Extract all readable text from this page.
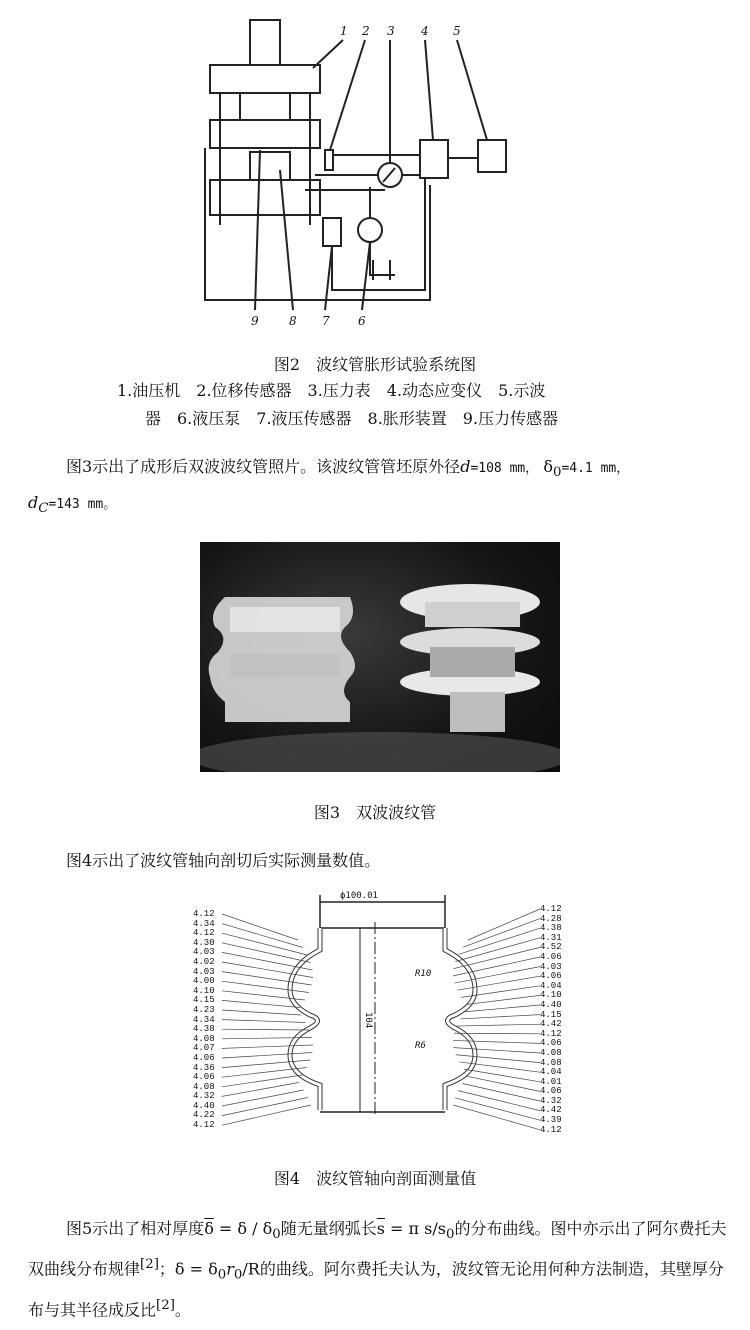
1 2 3 4 5
9	8 7 6
图2　波纹管胀形试验系统图
1.油压机　2.位移传感器　3.压力表　4.动态应变仪　5.示波
器　6.液压泵　7.液压传感器　8.胀形装置　9.压力传感器

图3示出了成形后双波波纹管照片。该波纹管管坯原外径d=108 mm， $\delta_0=4.1$ mm，

$d_C=143$ mm。
图3　双波波纹管

图4示出了波纹管轴向剖切后实际测量数值。

ϕ100.01
104
R10
R6
4.12
4.34
4.12
4.30
4.03
4.02
4.03
4.00
4.10
4.15
4.23
4.34
4.38
4.08
4.07
4.06
4.36
4.06
4.08
4.32
4.40
4.22
4.12
4.12
4.28
4.38
4.31
4.52
4.06
4.03
4.06
4.04
4.10
4.40
4.15
4.42
4.12
4.06
4.08
4.08
4.04
4.01
4.06
4.32
4.42
4.39
4.12
图4　波纹管轴向剖面测量值

图5示出了相对厚度$\overline{\delta} = \delta / \delta_0$随无量纲弧长$\overline{s} = \pi$ $s/s_0$的分布曲线。图中亦示出了阿尔费托夫双曲线分布规律[2]；$\delta = \delta_0r_0/R$的曲线。阿尔费托夫认为，波纹管无论用何种方法制造，其壁厚分布与其半径成反比[2]。
